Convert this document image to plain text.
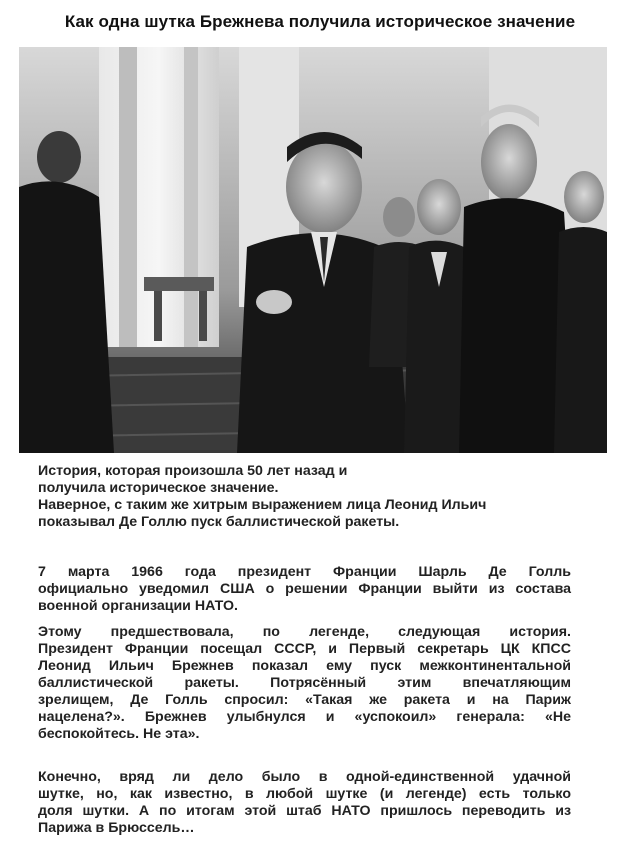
Как одна шутка Брежнева получила историческое значение
История, которая произошла 50 лет назад и
получила историческое значение.
Наверное, с таким же хитрым выражением лица Леонид Ильич
показывал Де Голлю пуск баллистической ракеты.
7 марта 1966 года президент Франции Шарль Де Голль
официально уведомил США о решении Франции выйти из состава
военной организации НАТО.
Этому предшествовала, по легенде, следующая история.
Президент Франции посещал СССР, и Первый секретарь ЦК КПСС
Леонид Ильич Брежнев показал ему пуск межконтинентальной
баллистической ракеты. Потрясённый этим впечатляющим
зрелищем, Де Голль спросил: «Такая же ракета и на Париж
нацелена?». Брежнев улыбнулся и «успокоил» генерала: «Не
беспокойтесь. Не эта».
Конечно, вряд ли дело было в одной-единственной удачной
шутке, но, как известно, в любой шутке (и легенде) есть только
доля шутки. А по итогам этой штаб НАТО пришлось переводить из
Парижа в Брюссель…
